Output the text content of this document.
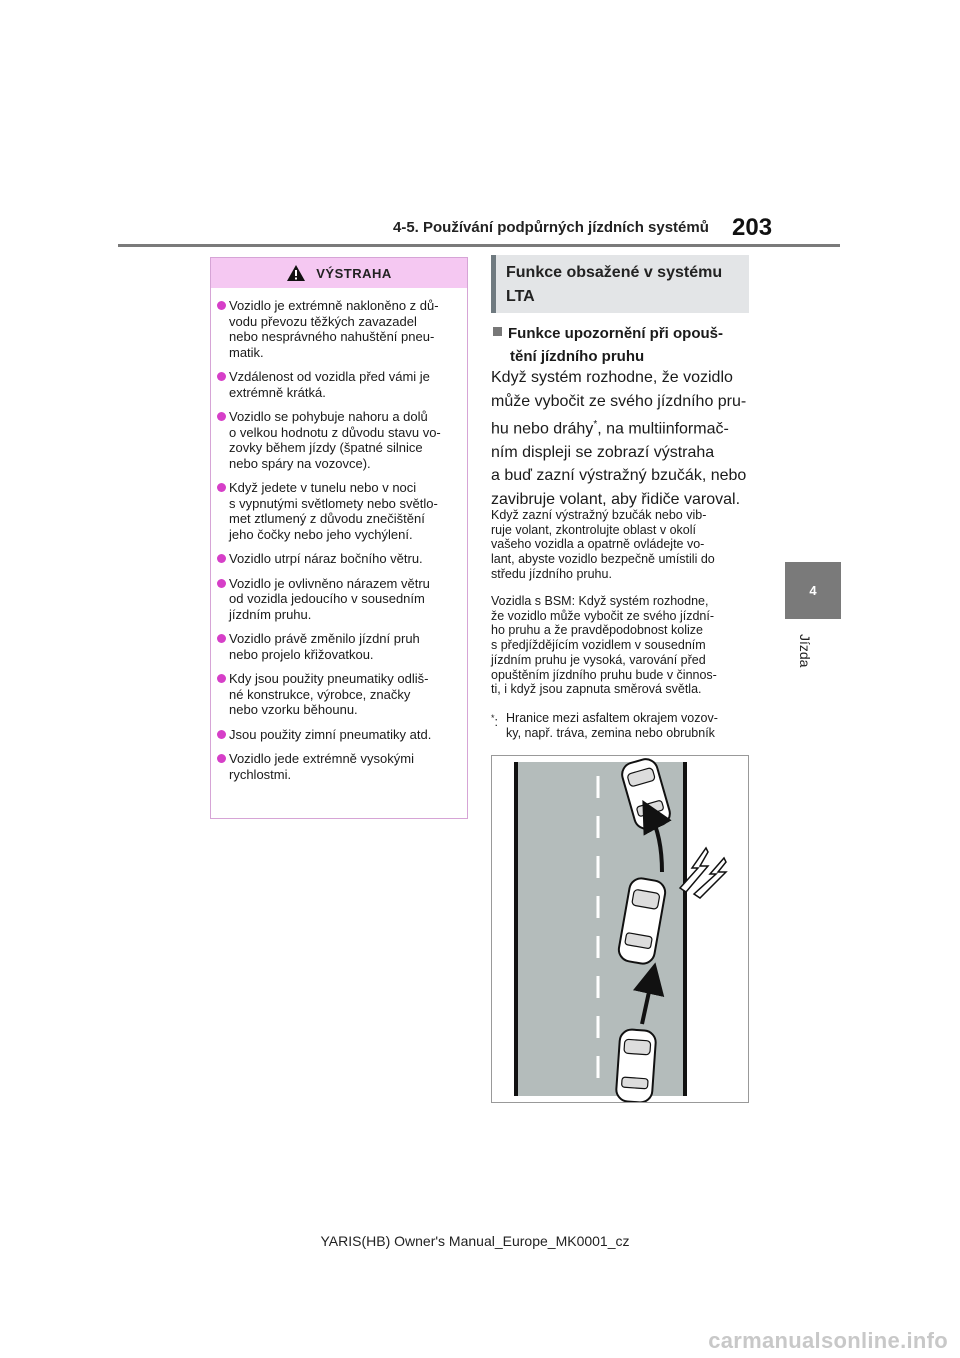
4-5. Používání podpůrných jízdních systémů 203
4
Jízda
VÝSTRAHA
Vozidlo je extrémně nakloněno z dů-
vodu převozu těžkých zavazadel
nebo nesprávného nahuštění pneu-
matik.
Vzdálenost od vozidla před vámi je
extrémně krátká.
Vozidlo se pohybuje nahoru a dolů
o velkou hodnotu z důvodu stavu vo-
zovky během jízdy (špatné silnice
nebo spáry na vozovce).
Když jedete v tunelu nebo v noci
s vypnutými světlomety nebo světlo-
met ztlumený z důvodu znečištění
jeho čočky nebo jeho vychýlení.
Vozidlo utrpí náraz bočního větru.
Vozidlo je ovlivněno nárazem větru
od vozidla jedoucího v sousedním
jízdním pruhu.
Vozidlo právě změnilo jízdní pruh
nebo projelo křižovatkou.
Kdy jsou použity pneumatiky odliš-
né konstrukce, výrobce, značky
nebo vzorku běhounu.
Jsou použity zimní pneumatiky atd.
Vozidlo jede extrémně vysokými
rychlostmi.
Funkce obsažené v systému
LTA
Funkce upozornění při opouš-
tění jízdního pruhu

Když systém rozhodne, že vozidlo
může vybočit ze svého jízdního pru-
hu nebo dráhy*, na multiinformač-
ním displeji se zobrazí výstraha
a buď zazní výstražný bzučák, nebo
zavibruje volant, aby řidiče varoval.

Když zazní výstražný bzučák nebo vib-
ruje volant, zkontrolujte oblast v okolí
vašeho vozidla a opatrně ovládejte vo-
lant, abyste vozidlo bezpečně umístili do
středu jízdního pruhu.

Vozidla s BSM: Když systém rozhodne,
že vozidlo může vybočit ze svého jízdní-
ho pruhu a že pravděpodobnost kolize
s předjíždějícím vozidlem v sousedním
jízdním pruhu je vysoká, varování před
opuštěním jízdního pruhu bude v činnos-
ti, i když jsou zapnuta směrová světla.

*: Hranice mezi asfaltem okrajem vozov-
ky, např. tráva, zemina nebo obrubník
YARIS(HB) Owner's Manual_Europe_MK0001_cz
carmanualsonline.info
